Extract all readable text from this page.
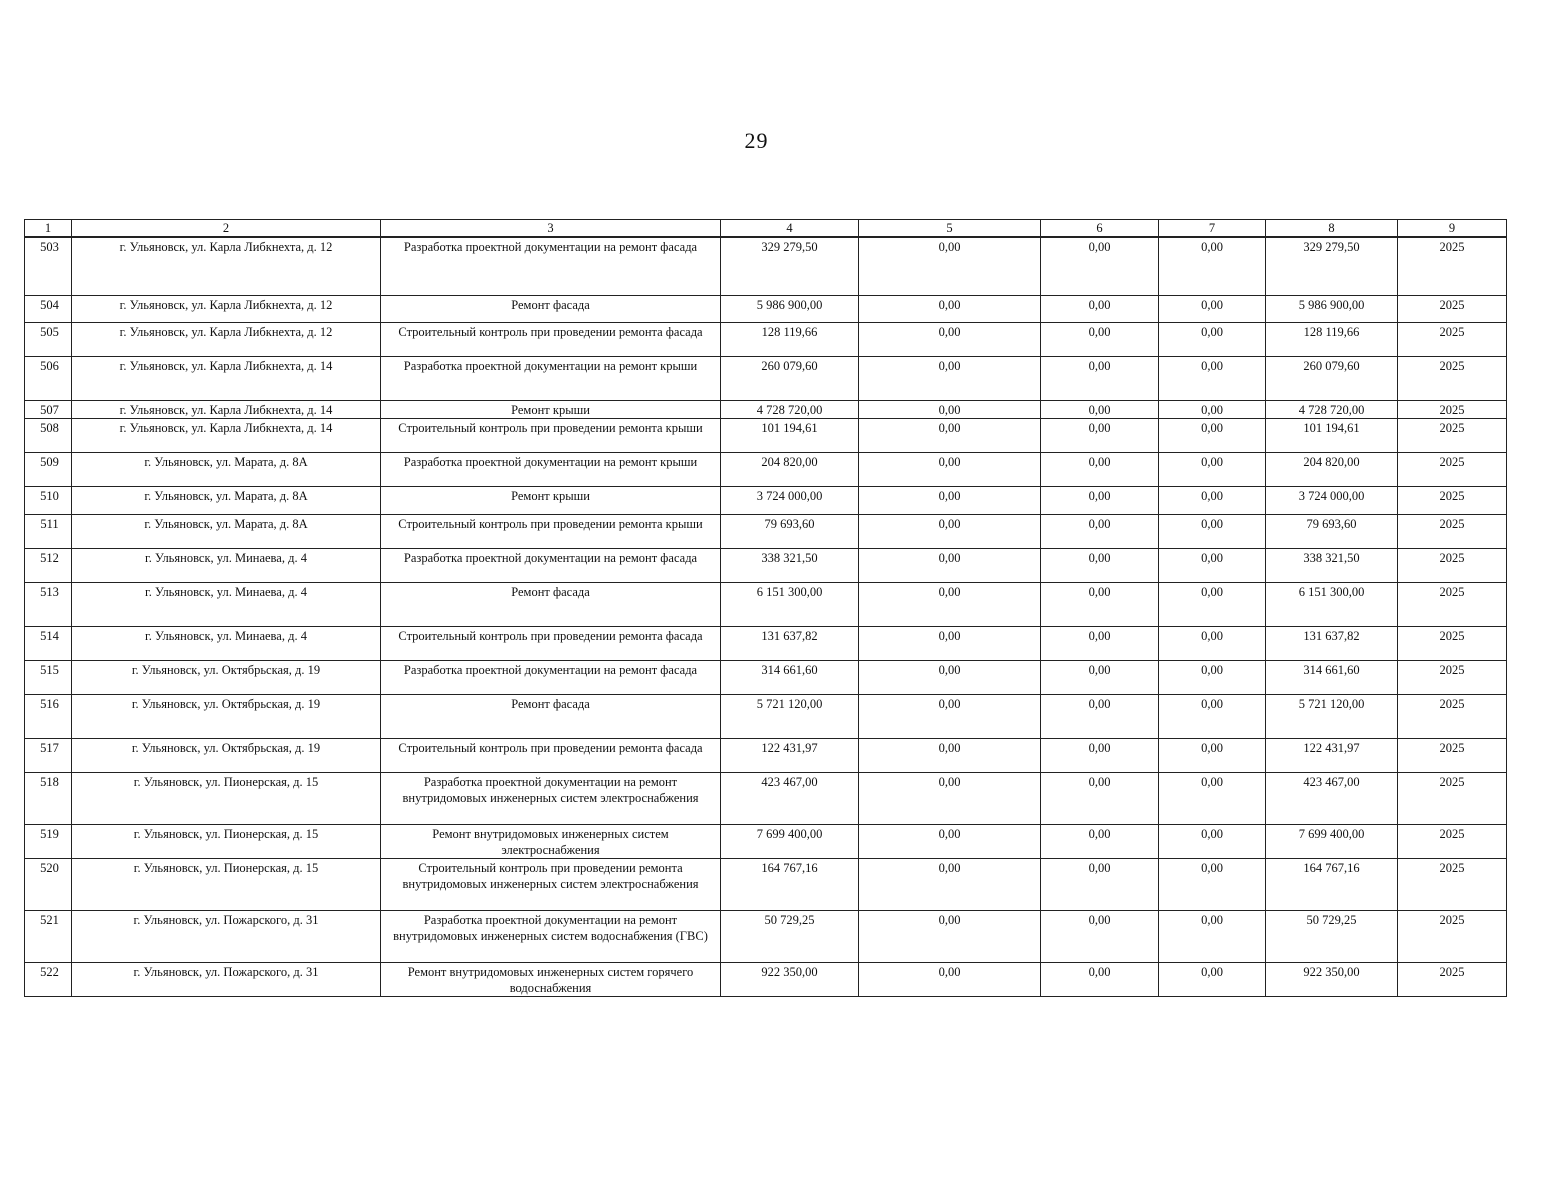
29
1	2	3	4	5	6	7	8	9
503	г. Ульяновск, ул. Карла Либкнехта, д. 12	Разработка проектной документации на ремонт фасада	329 279,50	0,00	0,00	0,00	329 279,50	2025
504	г. Ульяновск, ул. Карла Либкнехта, д. 12	Ремонт фасада	5 986 900,00	0,00	0,00	0,00	5 986 900,00	2025
505	г. Ульяновск, ул. Карла Либкнехта, д. 12	Строительный контроль при проведении ремонта фасада	128 119,66	0,00	0,00	0,00	128 119,66	2025
506	г. Ульяновск, ул. Карла Либкнехта, д. 14	Разработка проектной документации на ремонт крыши	260 079,60	0,00	0,00	0,00	260 079,60	2025
507	г. Ульяновск, ул. Карла Либкнехта, д. 14	Ремонт крыши	4 728 720,00	0,00	0,00	0,00	4 728 720,00	2025
508	г. Ульяновск, ул. Карла Либкнехта, д. 14	Строительный контроль при проведении ремонта крыши	101 194,61	0,00	0,00	0,00	101 194,61	2025
509	г. Ульяновск, ул. Марата, д. 8А	Разработка проектной документации на ремонт крыши	204 820,00	0,00	0,00	0,00	204 820,00	2025
510	г. Ульяновск, ул. Марата, д. 8А	Ремонт крыши	3 724 000,00	0,00	0,00	0,00	3 724 000,00	2025
511	г. Ульяновск, ул. Марата, д. 8А	Строительный контроль при проведении ремонта крыши	79 693,60	0,00	0,00	0,00	79 693,60	2025
512	г. Ульяновск, ул. Минаева, д. 4	Разработка проектной документации на ремонт фасада	338 321,50	0,00	0,00	0,00	338 321,50	2025
513	г. Ульяновск, ул. Минаева, д. 4	Ремонт фасада	6 151 300,00	0,00	0,00	0,00	6 151 300,00	2025
514	г. Ульяновск, ул. Минаева, д. 4	Строительный контроль при проведении ремонта фасада	131 637,82	0,00	0,00	0,00	131 637,82	2025
515	г. Ульяновск, ул. Октябрьская, д. 19	Разработка проектной документации на ремонт фасада	314 661,60	0,00	0,00	0,00	314 661,60	2025
516	г. Ульяновск, ул. Октябрьская, д. 19	Ремонт фасада	5 721 120,00	0,00	0,00	0,00	5 721 120,00	2025
517	г. Ульяновск, ул. Октябрьская, д. 19	Строительный контроль при проведении ремонта фасада	122 431,97	0,00	0,00	0,00	122 431,97	2025
518	г. Ульяновск, ул. Пионерская, д. 15	Разработка проектной документации на ремонт внутридомовых инженерных систем электроснабжения	423 467,00	0,00	0,00	0,00	423 467,00	2025
519	г. Ульяновск, ул. Пионерская, д. 15	Ремонт внутридомовых инженерных систем электроснабжения	7 699 400,00	0,00	0,00	0,00	7 699 400,00	2025
520	г. Ульяновск, ул. Пионерская, д. 15	Строительный контроль при проведении ремонта внутридомовых инженерных систем электроснабжения	164 767,16	0,00	0,00	0,00	164 767,16	2025
521	г. Ульяновск, ул. Пожарского, д. 31	Разработка проектной документации на ремонт внутридомовых инженерных систем водоснабжения (ГВС)	50 729,25	0,00	0,00	0,00	50 729,25	2025
522	г. Ульяновск, ул. Пожарского, д. 31	Ремонт внутридомовых инженерных систем горячего водоснабжения	922 350,00	0,00	0,00	0,00	922 350,00	2025
